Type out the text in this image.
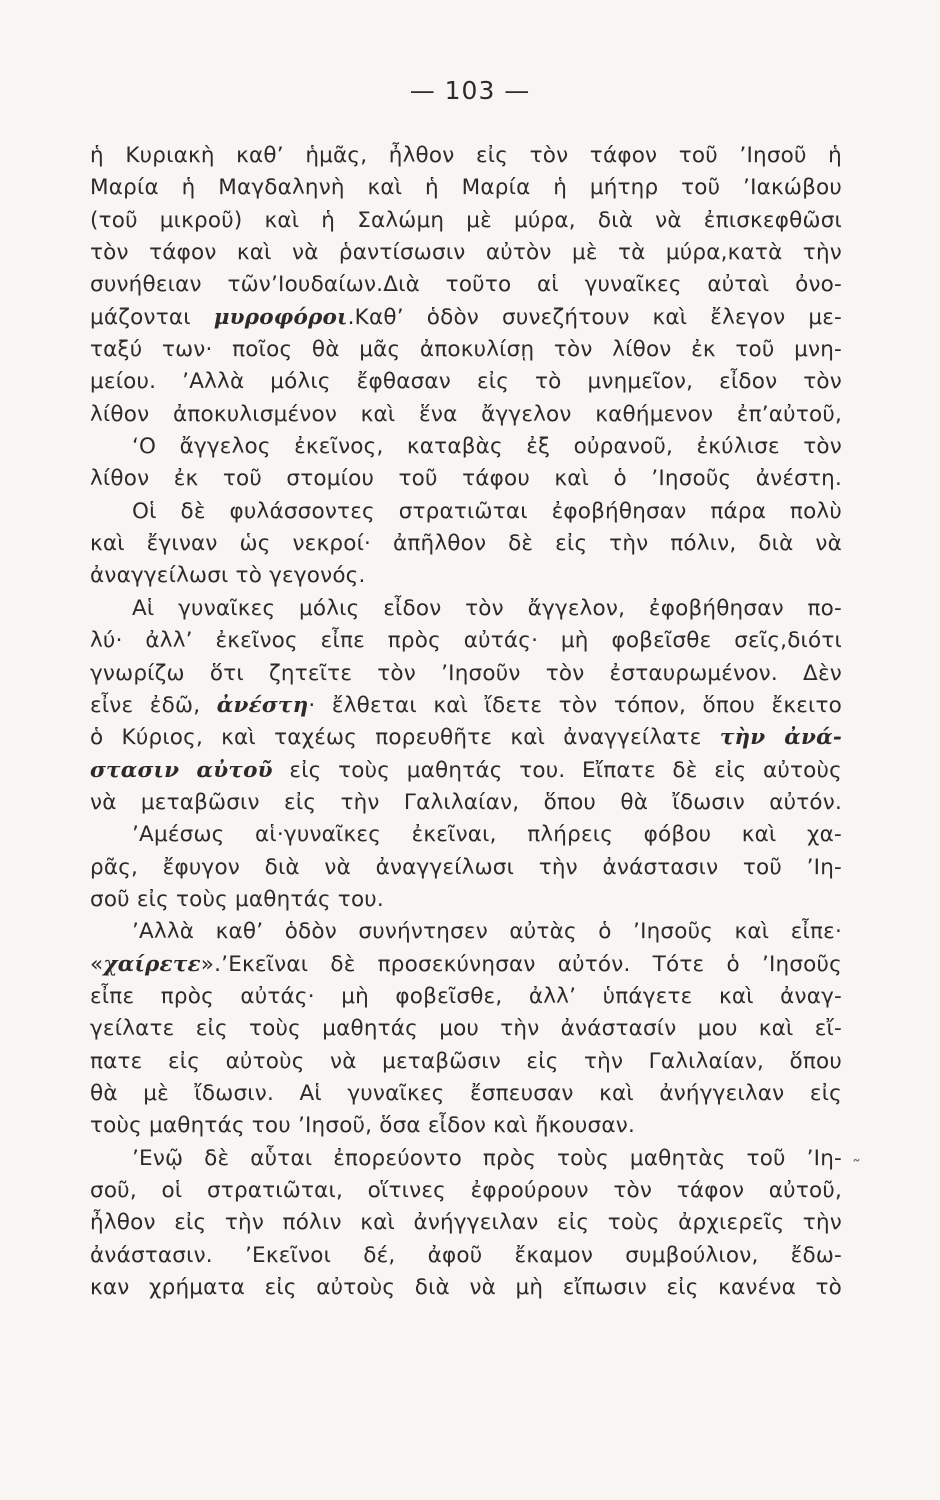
— 103 —
ἡ Κυριακὴ καθ’ ἡμᾶς, ἦλθον εἰς τὸν τάφον τοῦ ’Ιησοῦ ἡ
Μαρία ἡ Μαγδαληνὴ καὶ ἡ Μαρία ἡ μήτηρ τοῦ ’Ιακώβου
(τοῦ μικροῦ) καὶ ἡ Σαλώμη μὲ μύρα, διὰ νὰ ἐπισκεφθῶσι
τὸν τάφον καὶ νὰ ῥαντίσωσιν αὐτὸν μὲ τὰ μύρα,κατὰ τὴν
συνήθειαν τῶν’Ιουδαίων.Διὰ τοῦτο αἱ γυναῖκες αὐταὶ ὀνο-
μάζονται μυροφόροι.Καθ’ ὁδὸν συνεζήτουν καὶ ἔλεγον με-
ταξύ των· ποῖος θὰ μᾶς ἀποκυλίσῃ τὸν λίθον ἐκ τοῦ μνη-
μείου. ’Αλλὰ μόλις ἔφθασαν εἰς τὸ μνημεῖον, εἶδον τὸν
λίθον ἀποκυλισμένον καὶ ἕνα ἄγγελον καθήμενον ἐπ’αὐτοῦ,
‘Ο ἄγγελος ἐκεῖνος, καταβὰς ἐξ οὐρανοῦ, ἐκύλισε τὸν
λίθον ἐκ τοῦ στομίου τοῦ τάφου καὶ ὁ ’Ιησοῦς ἀνέστη.
Οἱ δὲ φυλάσσοντες στρατιῶται ἐφοβήθησαν πάρα πολὺ
καὶ ἔγιναν ὡς νεκροί· ἀπῆλθον δὲ εἰς τὴν πόλιν, διὰ νὰ
ἀναγγείλωσι τὸ γεγονός.
Αἱ γυναῖκες μόλις εἶδον τὸν ἄγγελον, ἐφοβήθησαν πο-
λύ· ἀλλ’ ἐκεῖνος εἶπε πρὸς αὐτάς· μὴ φοβεῖσθε σεῖς,διότι
γνωρίζω ὅτι ζητεῖτε τὸν ’Ιησοῦν τὸν ἐσταυρωμένον. Δὲν
εἶνε ἐδῶ, ἀνέστη· ἔλθεται καὶ ἴδετε τὸν τόπον, ὅπου ἔκειτο
ὁ Κύριος, καὶ ταχέως πορευθῆτε καὶ ἀναγγείλατε τὴν ἀνά-
στασιν αὐτοῦ εἰς τοὺς μαθητάς του. Εἴπατε δὲ εἰς αὐτοὺς
νὰ μεταβῶσιν εἰς τὴν Γαλιλαίαν, ὅπου θὰ ἴδωσιν αὐτόν.
’Αμέσως αἱ·γυναῖκες ἐκεῖναι, πλήρεις φόβου καὶ χα-
ρᾶς, ἔφυγον διὰ νὰ ἀναγγείλωσι τὴν ἀνάστασιν τοῦ ’Ιη-
σοῦ εἰς τοὺς μαθητάς του.
’Αλλὰ καθ’ ὁδὸν συνήντησεν αὐτὰς ὁ ’Ιησοῦς καὶ εἶπε·
«χαίρετε».’Εκεῖναι δὲ προσεκύνησαν αὐτόν. Τότε ὁ ’Ιησοῦς
εἶπε πρὸς αὐτάς· μὴ φοβεῖσθε, ἀλλ’ ὑπάγετε καὶ ἀναγ-
γείλατε εἰς τοὺς μαθητάς μου τὴν ἀνάστασίν μου καὶ εἴ-
πατε εἰς αὐτοὺς νὰ μεταβῶσιν εἰς τὴν Γαλιλαίαν, ὅπου
θὰ μὲ ἴδωσιν. Αἱ γυναῖκες ἔσπευσαν καὶ ἀνήγγειλαν εἰς
τοὺς μαθητάς του ’Ιησοῦ, ὅσα εἶδον καὶ ἤκουσαν.
’Ενῷ δὲ αὗται ἐπορεύοντο πρὸς τοὺς μαθητὰς τοῦ ’Ιη-
σοῦ, οἱ στρατιῶται, οἵτινες ἐφρούρουν τὸν τάφον αὐτοῦ,
ἦλθον εἰς τὴν πόλιν καὶ ἀνήγγειλαν εἰς τοὺς ἀρχιερεῖς τὴν
ἀνάστασιν. ’Εκεῖνοι δέ, ἀφοῦ ἔκαμον συμβούλιον, ἔδω-
καν χρήματα εἰς αὐτοὺς διὰ νὰ μὴ εἴπωσιν εἰς κανένα τὸ
˜
